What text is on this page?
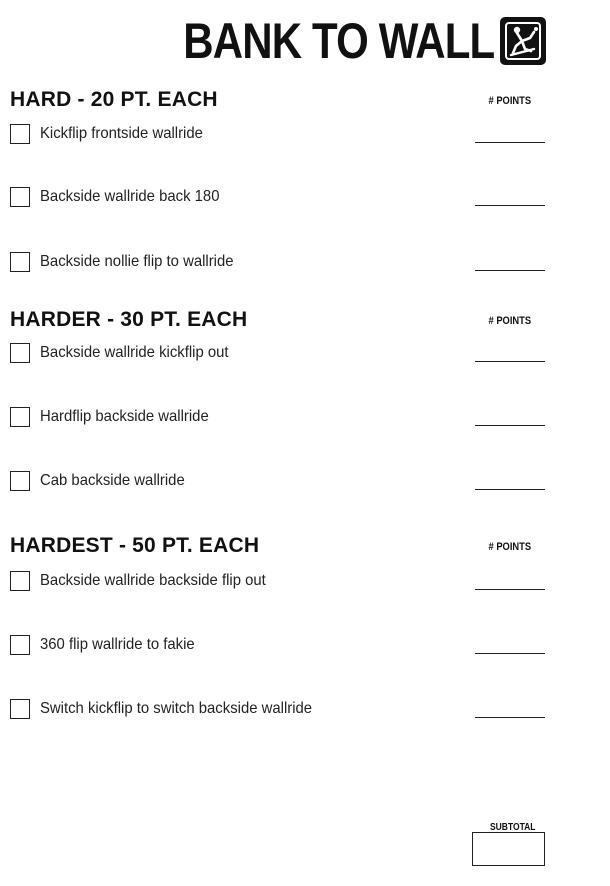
BANK TO WALL
HARD - 20 PT. EACH	# POINTS
Kickflip frontside wallride
Backside wallride back 180
Backside nollie flip to wallride
HARDER - 30 PT. EACH	# POINTS
Backside wallride kickflip out
Hardflip backside wallride
Cab backside wallride
HARDEST - 50 PT. EACH	# POINTS
Backside wallride backside flip out
360 flip wallride to fakie
Switch kickflip to switch backside wallride
SUBTOTAL
